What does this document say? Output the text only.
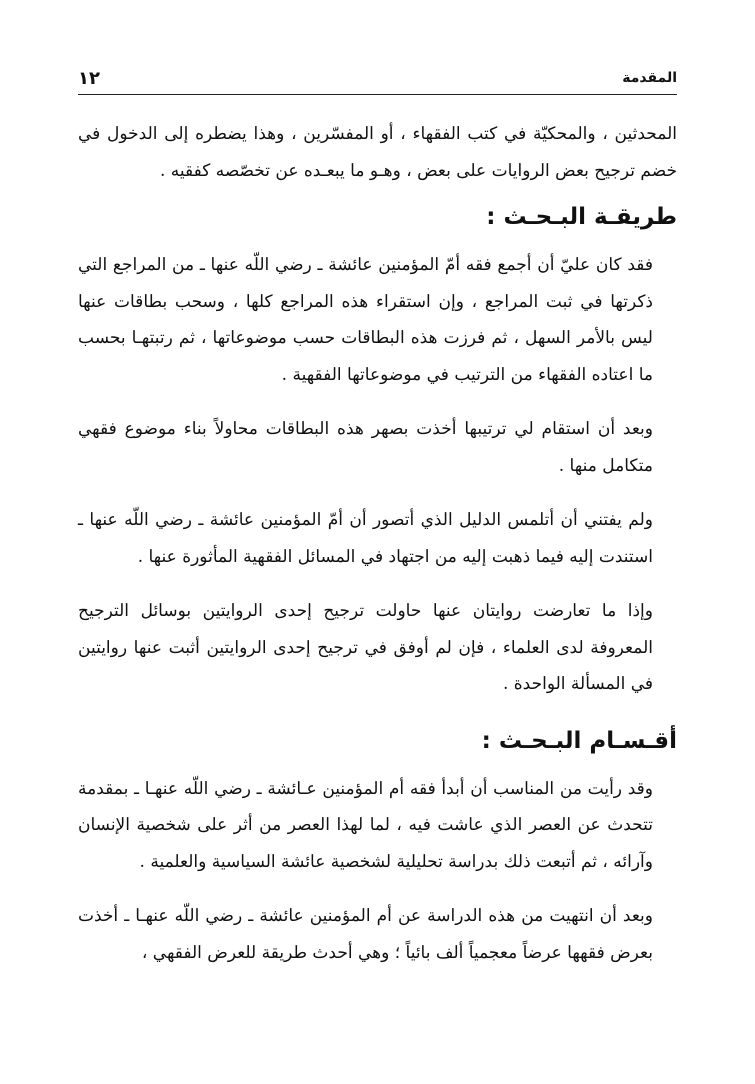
١٢	المقدمة

المحدثين ، والمحكيّة في كتب الفقهاء ، أو المفسّرين ، وهذا يضطره إلى الدخول في خضم ترجيح بعض الروايات على بعض ، وهـو ما يبعـده عن تخصّصه كفقيه .

طريقـة البـحـث :

فقد كان عليّ أن أجمع فقه أمّ المؤمنين عائشة ـ رضي اللّه عنها ـ من المراجع التي ذكرتها في ثبت المراجع ، وإن استقراء هذه المراجع كلها ، وسحب بطاقات عنها ليس بالأمر السهل ، ثم فرزت هذه البطاقات حسب موضوعاتها ، ثم رتبتهـا بحسب ما اعتاده الفقهاء من الترتيب في موضوعاتها الفقهية .

وبعد أن استقام لي ترتيبها أخذت بصهر هذه البطاقات محاولاً بناء موضوع فقهي متكامل منها .

ولم يفتني أن أتلمس الدليل الذي أتصور أن أمّ المؤمنين عائشة ـ رضي اللّه عنها ـ استندت إليه فيما ذهبت إليه من اجتهاد في المسائل الفقهية المأثورة عنها .

وإذا ما تعارضت روايتان عنها حاولت ترجيح إحدى الروايتين بوسائل الترجيح المعروفة لدى العلماء ، فإن لم أوفق في ترجيح إحدى الروايتين أثبت عنها روايتين في المسألة الواحدة .

أقـسـام البـحـث :

وقد رأيت من المناسب أن أبدأ فقه أم المؤمنين عـائشة ـ رضي اللّه عنهـا ـ بمقدمة تتحدث عن العصر الذي عاشت فيه ، لما لهذا العصر من أثر على شخصية الإنسان وآرائه ، ثم أتبعت ذلك بدراسة تحليلية لشخصية عائشة السياسية والعلمية .

وبعد أن انتهيت من هذه الدراسة عن أم المؤمنين عائشة ـ رضي اللّه عنهـا ـ أخذت بعرض فقهها عرضاً معجمياً ألف بائياً ؛ وهي أحدث طريقة للعرض الفقهي ،
